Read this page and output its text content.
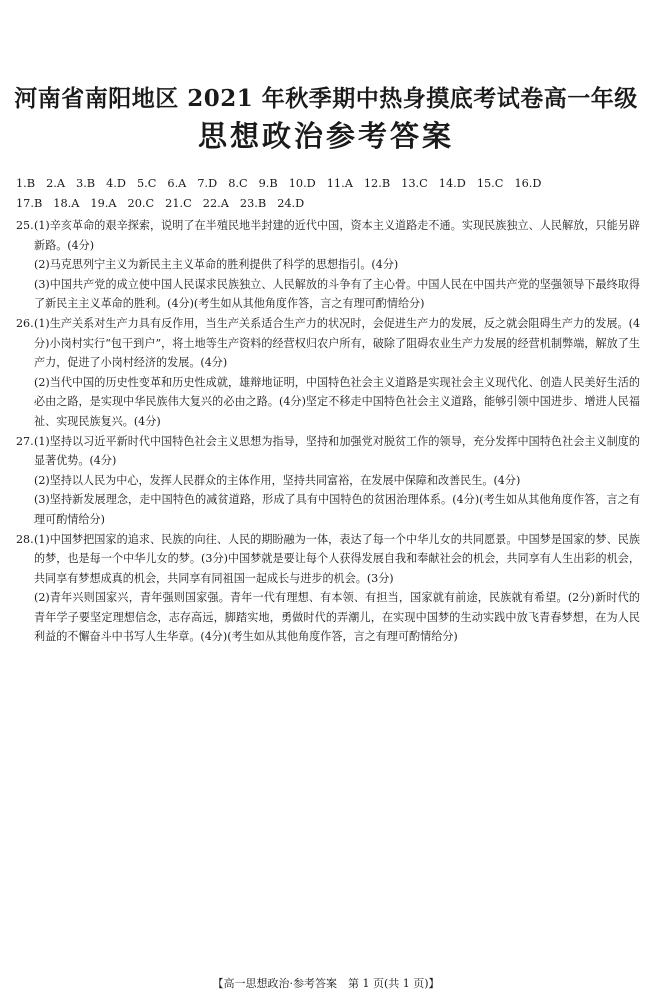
河南省南阳地区 2021 年秋季期中热身摸底考试卷高一年级
思想政治参考答案
1.B 2.A 3.B 4.D 5.C 6.A 7.D 8.C 9.B 10.D 11.A 12.B 13.C 14.D 15.C 16.D
17.B 18.A 19.A 20.C 21.C 22.A 23.B 24.D
25. (1)辛亥革命的艰辛探索，说明了在半殖民地半封建的近代中国，资本主义道路走不通。实现民族独立、人民解放，只能另辟新路。(4分)

(2)马克思列宁主义为新民主主义革命的胜利提供了科学的思想指引。(4分)

(3)中国共产党的成立使中国人民谋求民族独立、人民解放的斗争有了主心骨。中国人民在中国共产党的坚强领导下最终取得了新民主主义革命的胜利。(4分)(考生如从其他角度作答，言之有理可酌情给分)

26. (1)生产关系对生产力具有反作用，当生产关系适合生产力的状况时，会促进生产力的发展，反之就会阻碍生产力的发展。(4分)小岗村实行“包干到户”，将土地等生产资料的经营权归农户所有，破除了阻碍农业生产力发展的经营机制弊端，解放了生产力，促进了小岗村经济的发展。(4分)

(2)当代中国的历史性变革和历史性成就，雄辩地证明，中国特色社会主义道路是实现社会主义现代化、创造人民美好生活的必由之路，是实现中华民族伟大复兴的必由之路。(4分)坚定不移走中国特色社会主义道路，能够引领中国进步、增进人民福祉、实现民族复兴。(4分)

27. (1)坚持以习近平新时代中国特色社会主义思想为指导，坚持和加强党对脱贫工作的领导，充分发挥中国特色社会主义制度的显著优势。(4分)

(2)坚持以人民为中心，发挥人民群众的主体作用，坚持共同富裕，在发展中保障和改善民生。(4分)

(3)坚持新发展理念，走中国特色的减贫道路，形成了具有中国特色的贫困治理体系。(4分)(考生如从其他角度作答，言之有理可酌情给分)

28. (1)中国梦把国家的追求、民族的向往、人民的期盼融为一体，表达了每一个中华儿女的共同愿景。中国梦是国家的梦、民族的梦，也是每一个中华儿女的梦。(3分)中国梦就是要让每个人获得发展自我和奉献社会的机会，共同享有人生出彩的机会，共同享有梦想成真的机会，共同享有同祖国一起成长与进步的机会。(3分)

(2)青年兴则国家兴，青年强则国家强。青年一代有理想、有本领、有担当，国家就有前途，民族就有希望。(2分)新时代的青年学子要坚定理想信念，志存高远，脚踏实地，勇做时代的弄潮儿，在实现中国梦的生动实践中放飞青春梦想，在为人民利益的不懈奋斗中书写人生华章。(4分)(考生如从其他角度作答，言之有理可酌情给分)

【高一思想政治·参考答案　第 1 页(共 1 页)】
